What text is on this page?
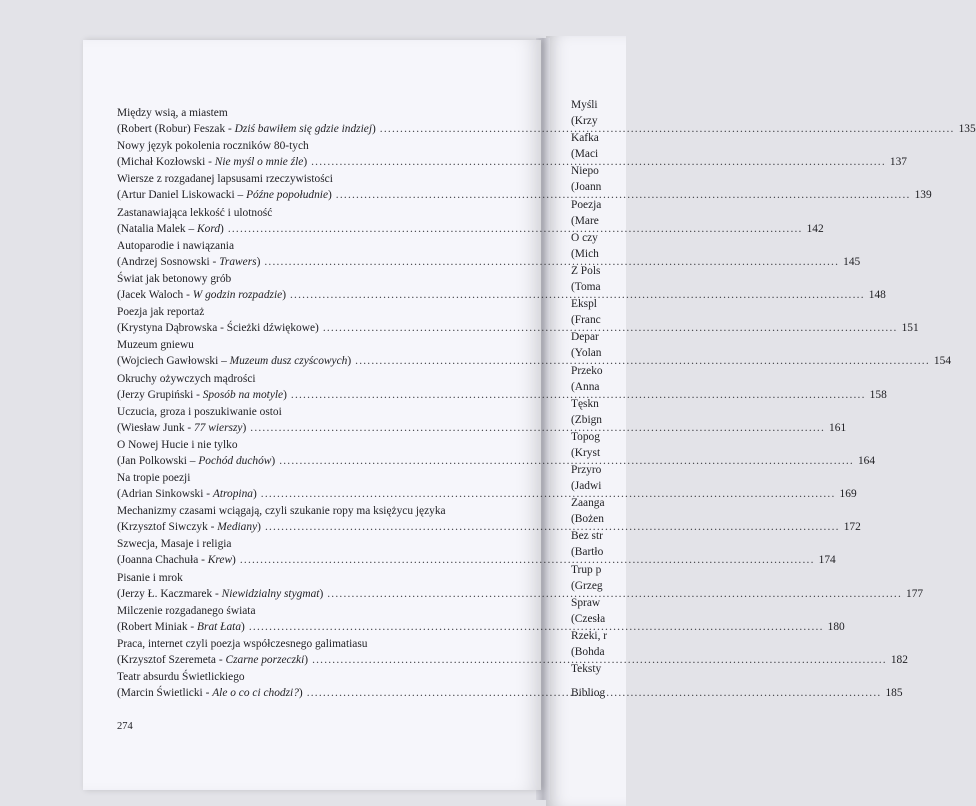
Myśli
(Krzy
Kafka
(Maci
Niepo
(Joann
Poezja
(Mare
O czy
(Mich
Z Pols
(Toma
Ekspl
(Franc
Depar
(Yolan
Przeko
(Anna
Tęskn
(Zbign
Topog
(Kryst
Przyro
(Jadwi
Zaanga
(Bożen
Bez str
(Bartło
Trup p
(Grzeg
Spraw
(Czesła
Rzeki, r
(Bohda
Teksty
Bibliog
Między wsią, a miastem
(Robert (Robur) Feszak - Dziś bawiłem się gdzie indziej) .....	135
Nowy język pokolenia roczników 80-tych
(Michał Kozłowski - Nie myśl o mnie źle) .....	137
Wiersze z rozgadanej lapsusami rzeczywistości
(Artur Daniel Liskowacki – Późne popołudnie) .....	139
Zastanawiająca lekkość i ulotność
(Natalia Malek – Kord) .....	142
Autoparodie i nawiązania
(Andrzej Sosnowski - Trawers) .....	145
Świat jak betonowy grób
(Jacek Waloch - W godzin rozpadzie) .....	148
Poezja jak reportaż
(Krystyna Dąbrowska - Ścieżki dźwiękowe) .....	151
Muzeum gniewu
(Wojciech Gawłowski – Muzeum dusz czyścowych) .....	154
Okruchy ożywczych mądrości
(Jerzy Grupiński - Sposób na motyle) .....	158
Uczucia, groza i poszukiwanie ostoi
(Wiesław Junk - 77 wierszy) .....	161
O Nowej Hucie i nie tylko
(Jan Polkowski – Pochód duchów) .....	164
Na tropie poezji
(Adrian Sinkowski - Atropina) .....	169
Mechanizmy czasami wciągają, czyli szukanie ropy ma księżycu języka
(Krzysztof Siwczyk - Mediany) .....	172
Szwecja, Masaje i religia
(Joanna Chachuła - Krew) .....	174
Pisanie i mrok
(Jerzy Ł. Kaczmarek - Niewidzialny stygmat) .....	177
Milczenie rozgadanego świata
(Robert Miniak - Brat Łata) .....	180
Praca, internet czyli poezja współczesnego galimatiasu
(Krzysztof Szeremeta - Czarne porzeczki) .....	182
Teatr absurdu Świetlickiego
(Marcin Świetlicki - Ale o co ci chodzi?) .....	185
274
